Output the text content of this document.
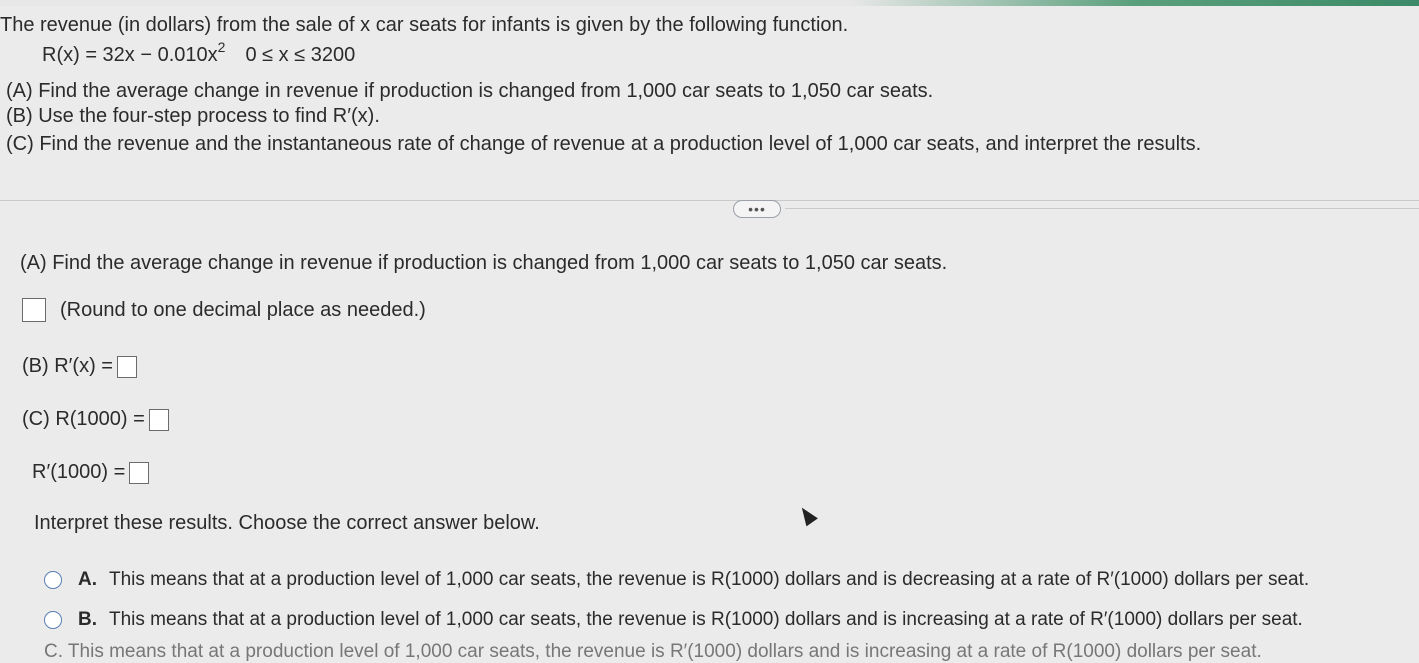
The revenue (in dollars) from the sale of x car seats for infants is given by the following function.
$R(x) = 32x - 0.010x^2$ 0 ≤ x ≤ 3200
(A) Find the average change in revenue if production is changed from 1,000 car seats to 1,050 car seats.
(B) Use the four-step process to find R′(x).
(C) Find the revenue and the instantaneous rate of change of revenue at a production level of 1,000 car seats, and interpret the results.
•••
(A) Find the average change in revenue if production is changed from 1,000 car seats to 1,050 car seats.
(Round to one decimal place as needed.)
(B) R′(x) =
(C) R(1000) =
R′(1000) =
Interpret these results. Choose the correct answer below.
A. This means that at a production level of 1,000 car seats, the revenue is R(1000) dollars and is decreasing at a rate of R′(1000) dollars per seat.
B. This means that at a production level of 1,000 car seats, the revenue is R(1000) dollars and is increasing at a rate of R′(1000) dollars per seat.
C. This means that at a production level of 1,000 car seats, the revenue is R′(1000) dollars and is increasing at a rate of R(1000) dollars per seat.
